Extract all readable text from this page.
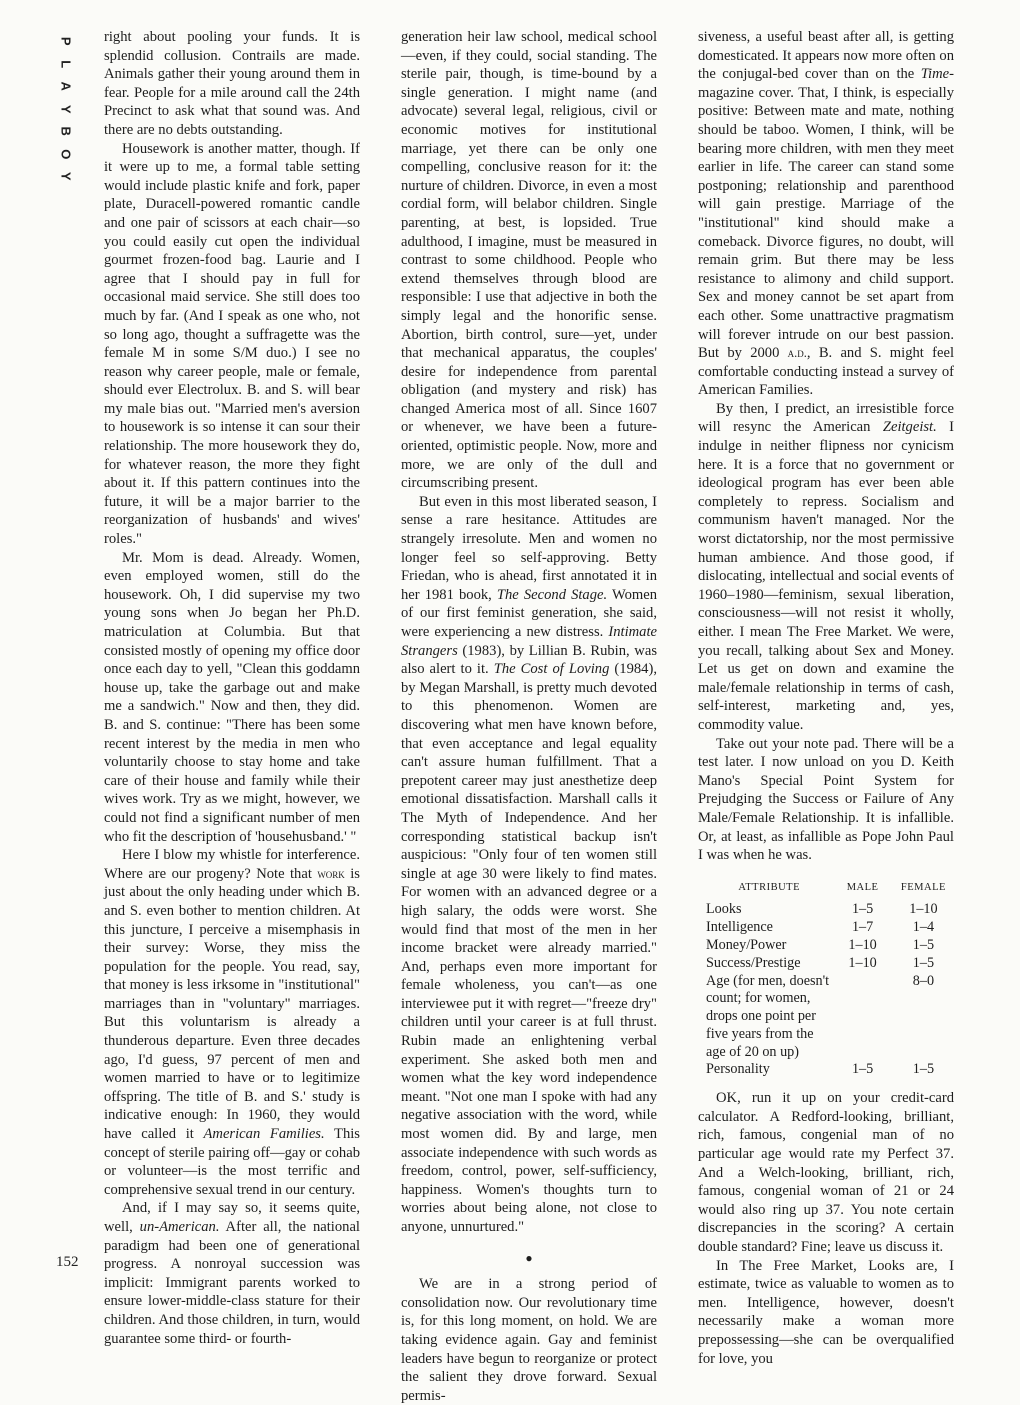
P
L
A
Y
B
O
Y
152

right about pooling your funds. It is splendid collusion. Contrails are made. Animals gather their young around them in fear. People for a mile around call the 24th Precinct to ask what that sound was. And there are no debts outstanding.

Housework is another matter, though. If it were up to me, a formal table setting would include plastic knife and fork, paper plate, Duracell-powered romantic candle and one pair of scissors at each chair—so you could easily cut open the individual gourmet frozen-food bag. Laurie and I agree that I should pay in full for occasional maid service. She still does too much by far. (And I speak as one who, not so long ago, thought a suffragette was the female M in some S/M duo.) I see no reason why career people, male or female, should ever Electrolux. B. and S. will bear my male bias out. "Married men's aversion to housework is so intense it can sour their relationship. The more housework they do, for whatever reason, the more they fight about it. If this pattern continues into the future, it will be a major barrier to the reorganization of husbands' and wives' roles."

Mr. Mom is dead. Already. Women, even employed women, still do the housework. Oh, I did supervise my two young sons when Jo began her Ph.D. matriculation at Columbia. But that consisted mostly of opening my office door once each day to yell, "Clean this goddamn house up, take the garbage out and make me a sandwich." Now and then, they did. B. and S. continue: "There has been some recent interest by the media in men who voluntarily choose to stay home and take care of their house and family while their wives work. Try as we might, however, we could not find a significant number of men who fit the description of 'househusband.' "

Here I blow my whistle for interference. Where are our progeny? Note that work is just about the only heading under which B. and S. even bother to mention children. At this juncture, I perceive a misemphasis in their survey: Worse, they miss the population for the people. You read, say, that money is less irksome in "institutional" marriages than in "voluntary" marriages. But this voluntarism is already a thunderous departure. Even three decades ago, I'd guess, 97 percent of men and women married to have or to legitimize offspring. The title of B. and S.' study is indicative enough: In 1960, they would have called it American Families. This concept of sterile pairing off—gay or cohab or volunteer—is the most terrific and comprehensive sexual trend in our century.

And, if I may say so, it seems quite, well, un-American. After all, the national paradigm had been one of generational progress. A nonroyal succession was implicit: Immigrant parents worked to ensure lower-middle-class stature for their children. And those children, in turn, would guarantee some third- or fourth-

generation heir law school, medical school—even, if they could, social standing. The sterile pair, though, is time-bound by a single generation. I might name (and advocate) several legal, religious, civil or economic motives for institutional marriage, yet there can be only one compelling, conclusive reason for it: the nurture of children. Divorce, in even a most cordial form, will belabor children. Single parenting, at best, is lopsided. True adulthood, I imagine, must be measured in contrast to some childhood. People who extend themselves through blood are responsible: I use that adjective in both the simply legal and the honorific sense. Abortion, birth control, sure—yet, under that mechanical apparatus, the couples' desire for independence from parental obligation (and mystery and risk) has changed America most of all. Since 1607 or whenever, we have been a future-oriented, optimistic people. Now, more and more, we are only of the dull and circumscribing present.

But even in this most liberated season, I sense a rare hesitance. Attitudes are strangely irresolute. Men and women no longer feel so self-approving. Betty Friedan, who is ahead, first annotated it in her 1981 book, The Second Stage. Women of our first feminist generation, she said, were experiencing a new distress. Intimate Strangers (1983), by Lillian B. Rubin, was also alert to it. The Cost of Loving (1984), by Megan Marshall, is pretty much devoted to this phenomenon. Women are discovering what men have known before, that even acceptance and legal equality can't assure human fulfillment. That a prepotent career may just anesthetize deep emotional dissatisfaction. Marshall calls it The Myth of Independence. And her corresponding statistical backup isn't auspicious: "Only four of ten women still single at age 30 were likely to find mates. For women with an advanced degree or a high salary, the odds were worst. She would find that most of the men in her income bracket were already married." And, perhaps even more important for female wholeness, you can't—as one interviewee put it with regret—"freeze dry" children until your career is at full thrust. Rubin made an enlightening verbal experiment. She asked both men and women what the key word independence meant. "Not one man I spoke with had any negative association with the word, while most women did. By and large, men associate independence with such words as freedom, control, power, self-sufficiency, happiness. Women's thoughts turn to worries about being alone, not close to anyone, unnurtured."

●

We are in a strong period of consolidation now. Our revolutionary time is, for this long moment, on hold. We are taking evidence again. Gay and feminist leaders have begun to reorganize or protect the salient they drove forward. Sexual permis-

siveness, a useful beast after all, is getting domesticated. It appears now more often on the conjugal-bed cover than on the Time-magazine cover. That, I think, is especially positive: Between mate and mate, nothing should be taboo. Women, I think, will be bearing more children, with men they meet earlier in life. The career can stand some postponing; relationship and parenthood will gain prestige. Marriage of the "institutional" kind should make a comeback. Divorce figures, no doubt, will remain grim. But there may be less resistance to alimony and child support. Sex and money cannot be set apart from each other. Some unattractive pragmatism will forever intrude on our best passion. But by 2000 a.d., B. and S. might feel comfortable conducting instead a survey of American Families.

By then, I predict, an irresistible force will resync the American Zeitgeist. I indulge in neither flipness nor cynicism here. It is a force that no government or ideological program has ever been able completely to repress. Socialism and communism haven't managed. Nor the worst dictatorship, nor the most permissive human ambience. And those good, if dislocating, intellectual and social events of 1960–1980—feminism, sexual liberation, consciousness—will not resist it wholly, either. I mean The Free Market. We were, you recall, talking about Sex and Money. Let us get on down and examine the male/female relationship in terms of cash, self-interest, marketing and, yes, commodity value.

Take out your note pad. There will be a test later. I now unload on you D. Keith Mano's Special Point System for Prejudging the Success or Failure of Any Male/Female Relationship. It is infallible. Or, at least, as infallible as Pope John Paul I was when he was.

ATTRIBUTE	MALE	FEMALE
Looks	1–5	1–10
Intelligence	1–7	1–4
Money/Power	1–10	1–5
Success/Prestige	1–10	1–5
Age (for men, doesn't count; for women, drops one point per five years from the age of 20 on up)		8–0
Personality	1–5	1–5

OK, run it up on your credit-card calculator. A Redford-looking, brilliant, rich, famous, congenial man of no particular age would rate my Perfect 37. And a Welch-looking, brilliant, rich, famous, congenial woman of 21 or 24 would also ring up 37. You note certain discrepancies in the scoring? A certain double standard? Fine; leave us discuss it.

In The Free Market, Looks are, I estimate, twice as valuable to women as to men. Intelligence, however, doesn't necessarily make a woman more prepossessing—she can be overqualified for love, you
